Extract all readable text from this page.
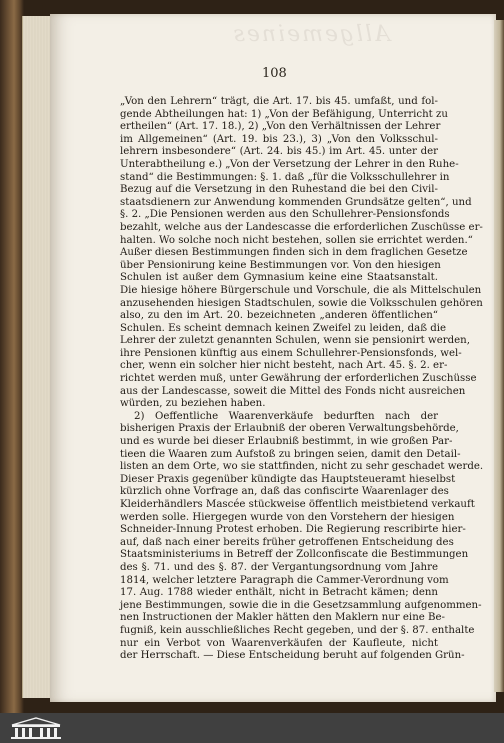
Allgemeines
108
„Von den Lehrern“ trägt, die Art. 17. bis 45. umfaßt, und fol-
gende Abtheilungen hat: 1) „Von der Befähigung, Unterricht zu
ertheilen“ (Art. 17. 18.), 2) „Von den Verhältnissen der Lehrer
im Allgemeinen“ (Art. 19. bis 23.), 3) „Von den Volksschul-
lehrern insbesondere“ (Art. 24. bis 45.) im Art. 45. unter der
Unterabtheilung e.) „Von der Versetzung der Lehrer in den Ruhe-
stand“ die Bestimmungen: §. 1. daß „für die Volksschullehrer in
Bezug auf die Versetzung in den Ruhestand die bei den Civil-
staatsdienern zur Anwendung kommenden Grundsätze gelten“, und
§. 2. „Die Pensionen werden aus den Schullehrer-Pensionsfonds
bezahlt, welche aus der Landescasse die erforderlichen Zuschüsse er-
halten. Wo solche noch nicht bestehen, sollen sie errichtet werden.“
Außer diesen Bestimmungen finden sich in dem fraglichen Gesetze
über Pensionirung keine Bestimmungen vor. Von den hiesigen
Schulen ist außer dem Gymnasium keine eine Staatsanstalt.
Die hiesige höhere Bürgerschule und Vorschule, die als Mittelschulen
anzusehenden hiesigen Stadtschulen, sowie die Volksschulen gehören
also, zu den im Art. 20. bezeichneten „anderen öffentlichen“
Schulen. Es scheint demnach keinen Zweifel zu leiden, daß die
Lehrer der zuletzt genannten Schulen, wenn sie pensionirt werden,
ihre Pensionen künftig aus einem Schullehrer-Pensionsfonds, wel-
cher, wenn ein solcher hier nicht besteht, nach Art. 45. §. 2. er-
richtet werden muß, unter Gewährung der erforderlichen Zuschüsse
aus der Landescasse, soweit die Mittel des Fonds nicht ausreichen
würden, zu beziehen haben.
2) Oeffentliche Waarenverkäufe bedurften nach der
bisherigen Praxis der Erlaubniß der oberen Verwaltungsbehörde,
und es wurde bei dieser Erlaubniß bestimmt, in wie großen Par-
tieen die Waaren zum Aufstoß zu bringen seien, damit den Detail-
listen an dem Orte, wo sie stattfinden, nicht zu sehr geschadet werde.
Dieser Praxis gegenüber kündigte das Hauptsteueramt hieselbst
kürzlich ohne Vorfrage an, daß das confiscirte Waarenlager des
Kleiderhändlers Mascée stückweise öffentlich meistbietend verkauft
werden solle. Hiergegen wurde von den Vorstehern der hiesigen
Schneider-Innung Protest erhoben. Die Regierung rescribirte hier-
auf, daß nach einer bereits früher getroffenen Entscheidung des
Staatsministeriums in Betreff der Zollconfiscate die Bestimmungen
des §. 71. und des §. 87. der Vergantungsordnung vom Jahre
1814, welcher letztere Paragraph die Cammer-Verordnung vom
17. Aug. 1788 wieder enthält, nicht in Betracht kämen; denn
jene Bestimmungen, sowie die in die Gesetzsammlung aufgenommen-
nen Instructionen der Makler hätten den Maklern nur eine Be-
fugniß, kein ausschließliches Recht gegeben, und der §. 87. enthalte
nur ein Verbot von Waarenverkäufen der Kaufleute, nicht
der Herrschaft. — Diese Entscheidung beruht auf folgenden Grün-
